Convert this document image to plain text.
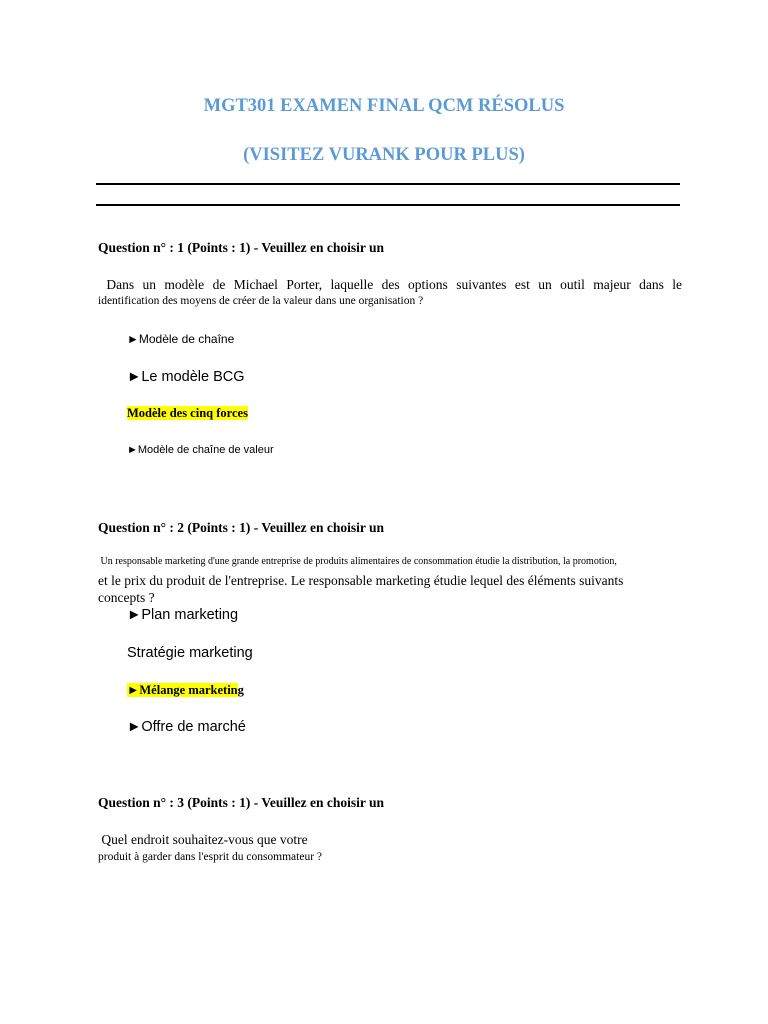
MGT301 EXAMEN FINAL QCM RÉSOLUS
(VISITEZ VURANK POUR PLUS)
Question n° : 1 (Points : 1) - Veuillez en choisir un
Dans un modèle de Michael Porter, laquelle des options suivantes est un outil majeur dans le
identification des moyens de créer de la valeur dans une organisation ?
►Modèle de chaîne
►Le modèle BCG
Modèle des cinq forces
►Modèle de chaîne de valeur
Question n° : 2 (Points : 1) - Veuillez en choisir un
Un responsable marketing d'une grande entreprise de produits alimentaires de consommation étudie la distribution, la promotion,
et le prix du produit de l'entreprise. Le responsable marketing étudie lequel des éléments suivants
concepts ?
►Plan marketing
Stratégie marketing
►Mélange marketing
►Offre de marché
Question n° : 3 (Points : 1) - Veuillez en choisir un
Quel endroit souhaitez-vous que votre
produit à garder dans l'esprit du consommateur ?
